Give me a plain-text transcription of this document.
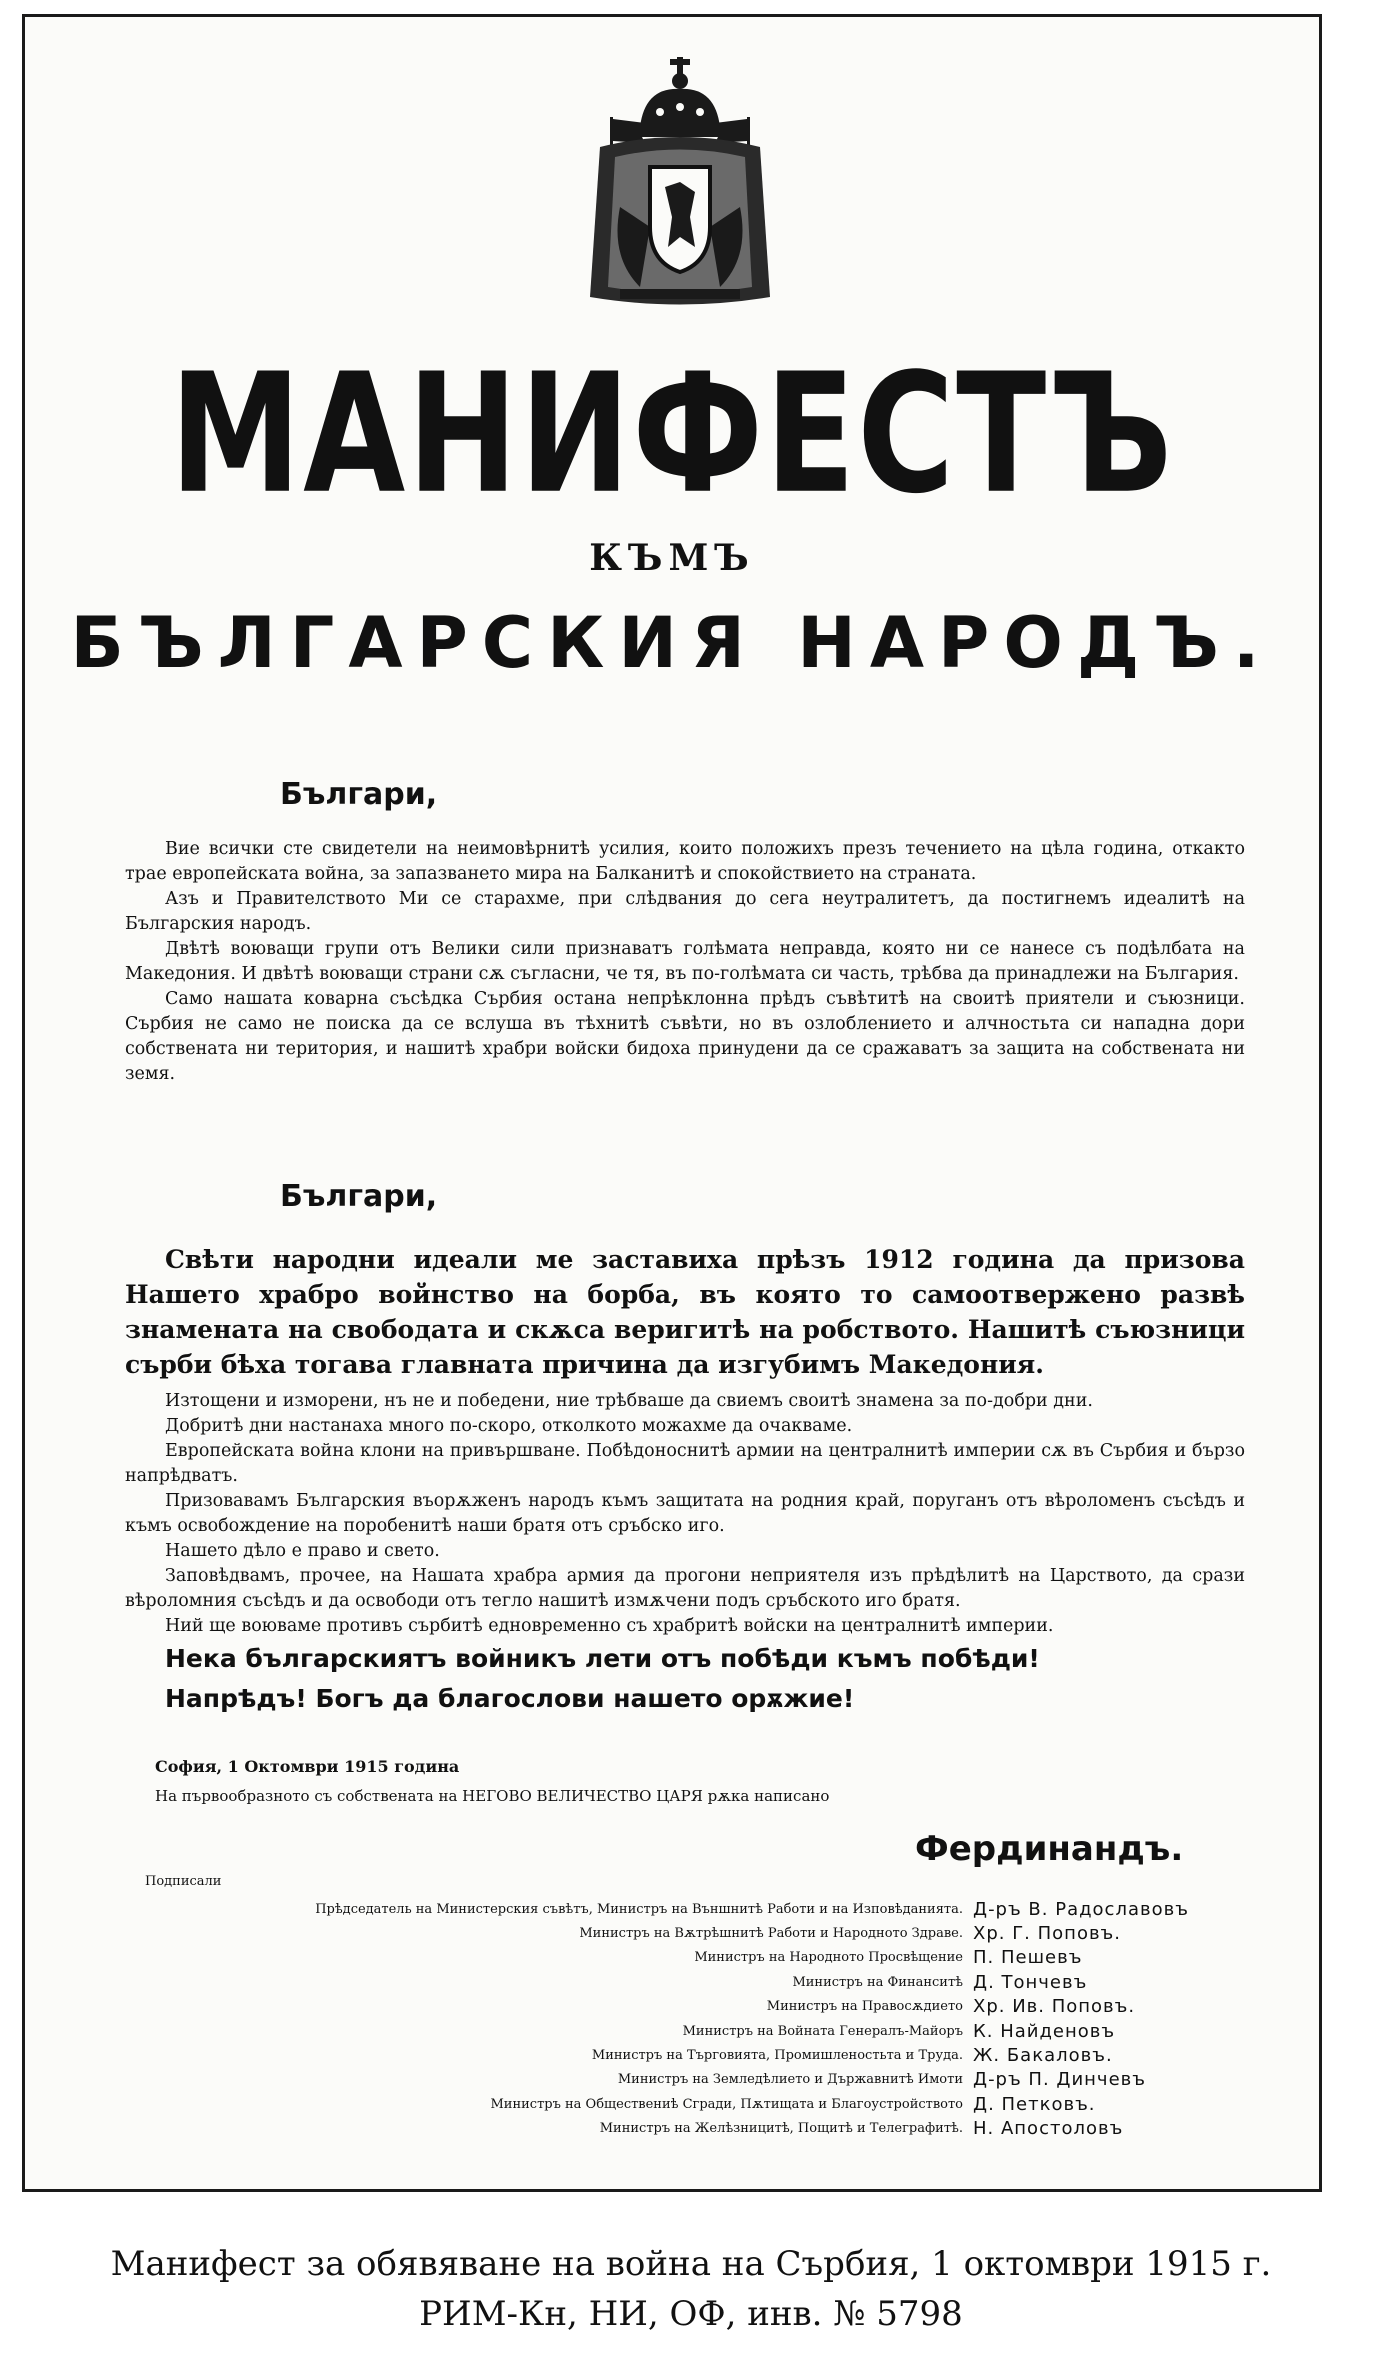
МАНИФЕСТЪ
КЪМЪ
БЪЛГАРСКИЯ НАРОДЪ.
Българи,

Вие всички сте свидетели на неимовѣрнитѣ усилия, които положихъ презъ течението на цѣла година, откакто трае европейската война, за запазването мира на Балканитѣ и спокойствието на страната.

Азъ и Правителството Ми се старахме, при слѣдвания до сега неутралитетъ, да постигнемъ идеалитѣ на Българския народъ.

Двѣтѣ воюващи групи отъ Велики сили признаватъ голѣмата неправда, която ни се нанесе съ подѣлбата на Македония. И двѣтѣ воюващи страни сѫ съгласни, че тя, въ по-голѣмата си часть, трѣбва да принадлежи на България.

Само нашата коварна съсѣдка Сърбия остана непрѣклонна прѣдъ съвѣтитѣ на своитѣ приятели и съюзници. Сърбия не само не поиска да се вслуша въ тѣхнитѣ съвѣти, но въ озлоблението и алчностьта си нападна дори собствената ни територия, и нашитѣ храбри войски бидоха принудени да се сражаватъ за защита на собствената ни земя.

Българи,

Свѣти народни идеали ме заставиха прѣзъ 1912 година да призова Нашето храбро войнство на борба, въ която то самоотвержено развѣ знамената на свободата и скѫса веригитѣ на робството. Нашитѣ съюзници сърби бѣха тогава главната причина да изгубимъ Македония.

Изтощени и изморени, нъ не и победени, ние трѣбваше да свиемъ своитѣ знамена за по-добри дни.

Добритѣ дни настанаха много по-скоро, отколкото можахме да очакваме.

Европейската война клони на привършване. Побѣдоноснитѣ армии на централнитѣ империи сѫ въ Сърбия и бързо напрѣдватъ.

Призовавамъ Българския въорѫженъ народъ къмъ защитата на родния край, поруганъ отъ вѣроломенъ съсѣдъ и къмъ освобождение на поробенитѣ наши братя отъ сръбско иго.

Нашето дѣло е право и свето.

Заповѣдвамъ, прочее, на Нашата храбра армия да прогони неприятеля изъ прѣдѣлитѣ на Царството, да срази вѣроломния съсѣдъ и да освободи отъ тегло нашитѣ измѫчени подъ сръбското иго братя.

Ний ще воюваме противъ сърбитѣ едновременно съ храбритѣ войски на централнитѣ империи.

Нека българскиятъ войникъ лети отъ побѣди къмъ побѣди!

Напрѣдъ! Богъ да благослови нашето орѫжие!

София, 1 Октомври 1915 година
На първообразното съ собствената на НЕГОВО ВЕЛИЧЕСТВО ЦАРЯ рѫка написано
Фердинандъ.
Подписали
Прѣдседатель на Министерския съвѣтъ, Министръ на Външнитѣ Работи и на Изповѣданията. Д-ръ В. Радославовъ
Министръ на Вѫтрѣшнитѣ Работи и Народното Здраве. Хр. Г. Поповъ.
Министръ на Народното Просвѣщение П. Пешевъ
Министръ на Финанситѣ Д. Тончевъ
Министръ на Правосѫдието Хр. Ив. Поповъ.
Министръ на Войната Генералъ-Майоръ К. Найденовъ
Министръ на Търговията, Промишленостьта и Труда. Ж. Бакаловъ.
Министръ на Земледѣлието и Държавнитѣ Имоти Д-ръ П. Динчевъ
Министръ на Обществениѣ Сгради, Пѫтищата и Благоустройството Д. Петковъ.
Министръ на Желѣзницитѣ, Пощитѣ и Телеграфитѣ. Н. Апостоловъ
Манифест за обявяване на война на Сърбия, 1 октомври 1915 г.
РИМ-Кн, НИ, ОФ, инв. № 5798
